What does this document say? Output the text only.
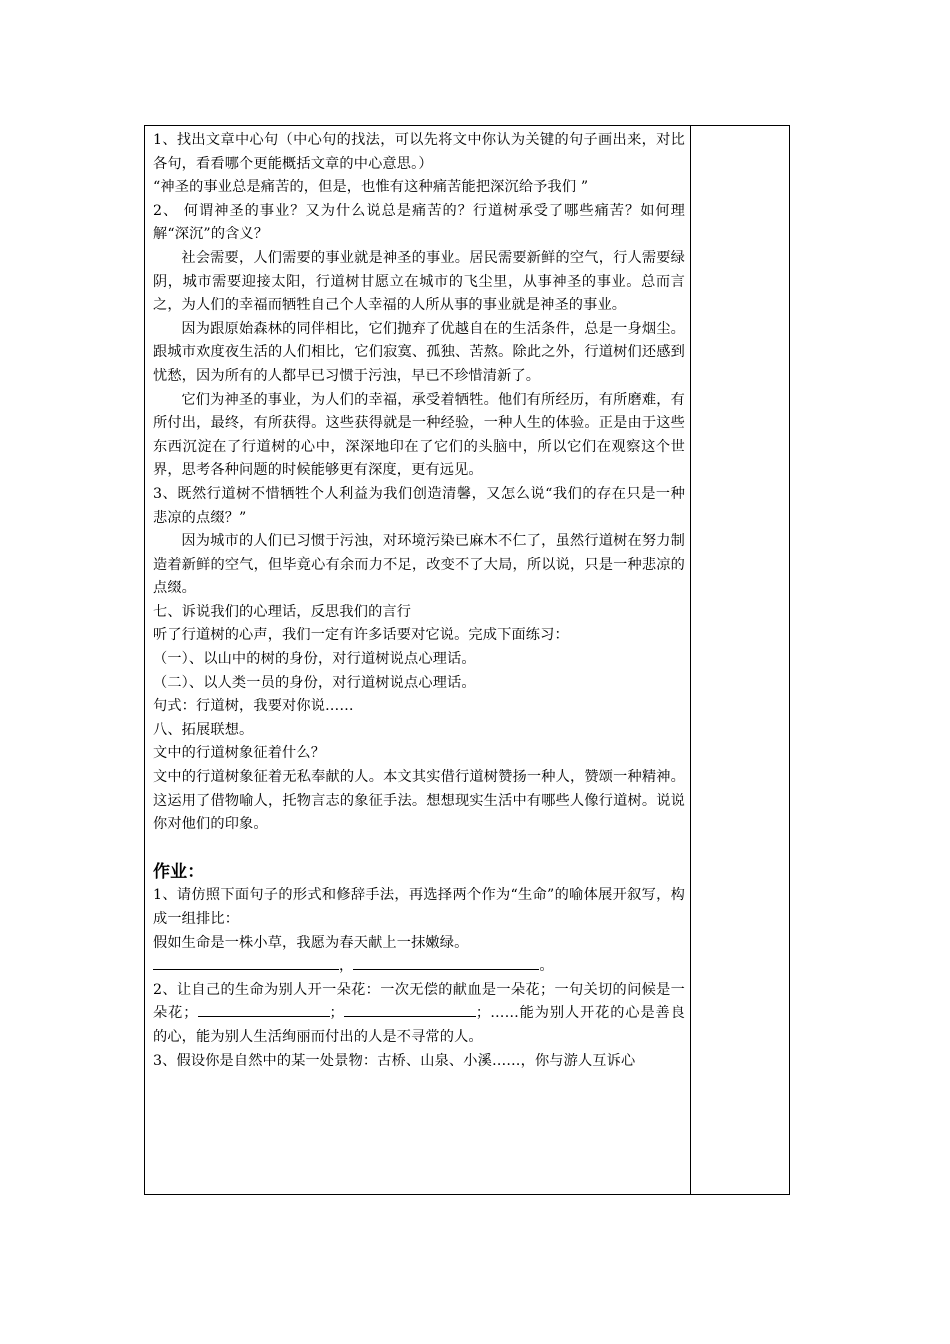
1、找出文章中心句（中心句的找法，可以先将文中你认为关键的句子画出来，对比各句，看看哪个更能概括文章的中心意思。）

“神圣的事业总是痛苦的，但是，也惟有这种痛苦能把深沉给予我们 ”

2、 何谓神圣的事业？又为什么说总是痛苦的？行道树承受了哪些痛苦？如何理解“深沉”的含义？

社会需要，人们需要的事业就是神圣的事业。居民需要新鲜的空气，行人需要绿阴，城市需要迎接太阳，行道树甘愿立在城市的飞尘里，从事神圣的事业。总而言之，为人们的幸福而牺牲自己个人幸福的人所从事的事业就是神圣的事业。

因为跟原始森林的同伴相比，它们抛弃了优越自在的生活条件，总是一身烟尘。跟城市欢度夜生活的人们相比，它们寂寞、孤独、苦熬。除此之外，行道树们还感到忧愁，因为所有的人都早已习惯于污浊，早已不珍惜清新了。

它们为神圣的事业，为人们的幸福，承受着牺牲。他们有所经历，有所磨难，有所付出，最终，有所获得。这些获得就是一种经验，一种人生的体验。正是由于这些东西沉淀在了行道树的心中，深深地印在了它们的头脑中，所以它们在观察这个世界，思考各种问题的时候能够更有深度，更有远见。

3、既然行道树不惜牺牲个人利益为我们创造清馨，又怎么说“我们的存在只是一种悲凉的点缀？”

因为城市的人们已习惯于污浊，对环境污染已麻木不仁了，虽然行道树在努力制造着新鲜的空气，但毕竟心有余而力不足，改变不了大局，所以说，只是一种悲凉的点缀。

七、诉说我们的心理话，反思我们的言行

听了行道树的心声，我们一定有许多话要对它说。完成下面练习：

（一）、以山中的树的身份，对行道树说点心理话。

（二）、以人类一员的身份，对行道树说点心理话。

句式：行道树，我要对你说……

八、拓展联想。

文中的行道树象征着什么？

文中的行道树象征着无私奉献的人。本文其实借行道树赞扬一种人，赞颂一种精神。这运用了借物喻人，托物言志的象征手法。想想现实生活中有哪些人像行道树。说说你对他们的印象。

作业：

1、请仿照下面句子的形式和修辞手法，再选择两个作为“生命”的喻体展开叙写，构成一组排比：

假如生命是一株小草，我愿为春天献上一抹嫩绿。

，	。

2、让自己的生命为别人开一朵花：一次无偿的献血是一朵花；一句关切的问候是一朵花；	；	；……能为别人开花的心是善良的心，能为别人生活绚丽而付出的人是不寻常的人。

3、假设你是自然中的某一处景物：古桥、山泉、小溪……，你与游人互诉心
